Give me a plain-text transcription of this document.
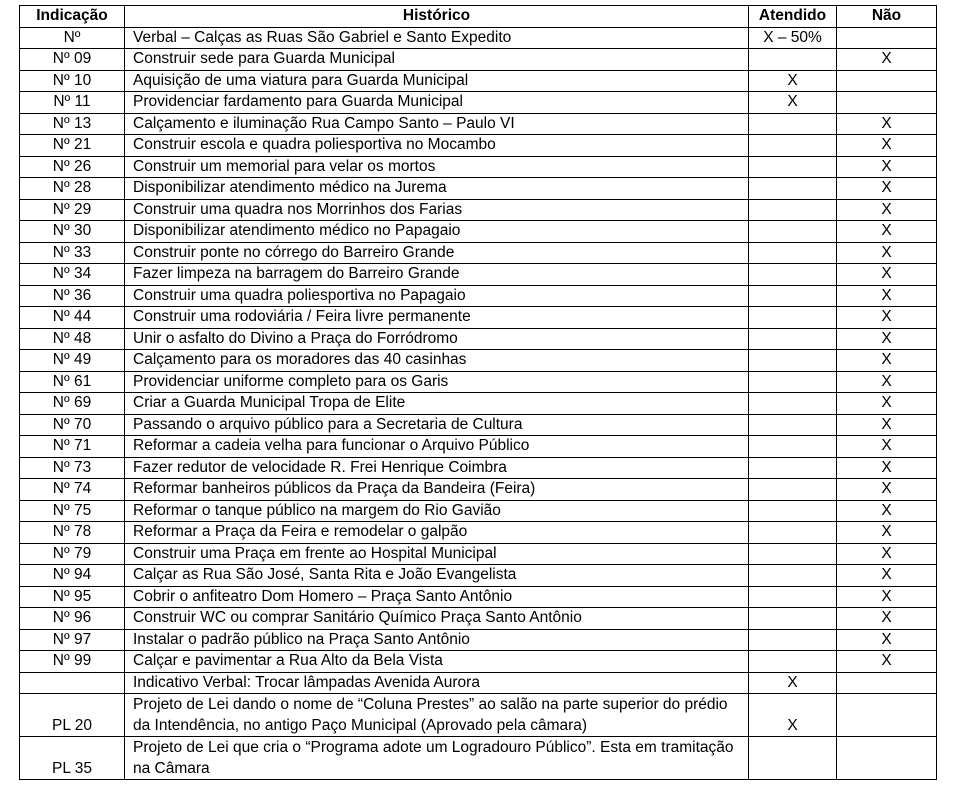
Indicação	Histórico	Atendido	Não
Nº	Verbal – Calças as Ruas São Gabriel e Santo Expedito	X – 50%	
Nº 09	Construir sede para Guarda Municipal		X
Nº 10	Aquisição de uma viatura para Guarda Municipal	X	
Nº 11	Providenciar fardamento para Guarda Municipal	X	
Nº 13	Calçamento e iluminação Rua Campo Santo – Paulo VI		X
Nº 21	Construir escola e quadra poliesportiva no Mocambo		X
Nº 26	Construir um memorial para velar os mortos		X
Nº 28	Disponibilizar atendimento médico na Jurema		X
Nº 29	Construir uma quadra nos Morrinhos dos Farias		X
Nº 30	Disponibilizar atendimento médico no Papagaio		X
Nº 33	Construir ponte no córrego do Barreiro Grande		X
Nº 34	Fazer limpeza na barragem do Barreiro Grande		X
Nº 36	Construir uma quadra poliesportiva no Papagaio		X
Nº 44	Construir uma rodoviária / Feira livre permanente		X
Nº 48	Unir o asfalto do Divino a Praça do Forródromo		X
Nº 49	Calçamento para os moradores das 40 casinhas		X
Nº 61	Providenciar uniforme completo para os Garis		X
Nº 69	Criar a Guarda Municipal Tropa de Elite		X
Nº 70	Passando o arquivo público para a Secretaria de Cultura		X
Nº 71	Reformar a cadeia velha para funcionar o Arquivo Público		X
Nº 73	Fazer redutor de velocidade R. Frei Henrique Coimbra		X
Nº 74	Reformar banheiros públicos da Praça da Bandeira (Feira)		X
Nº 75	Reformar o tanque público na margem do Rio Gavião		X
Nº 78	Reformar a Praça da Feira e remodelar o galpão		X
Nº 79	Construir uma Praça em frente ao Hospital Municipal		X
Nº 94	Calçar as Rua São José, Santa Rita e João Evangelista		X
Nº 95	Cobrir o anfiteatro Dom Homero – Praça Santo Antônio		X
Nº 96	Construir WC ou comprar Sanitário Químico Praça Santo Antônio		X
Nº 97	Instalar o padrão público na Praça Santo Antônio		X
Nº 99	Calçar e pavimentar a Rua Alto da Bela Vista		X
	Indicativo Verbal: Trocar lâmpadas Avenida Aurora	X	
PL 20	Projeto de Lei dando o nome de “Coluna Prestes” ao salão na parte superior do prédio da Intendência, no antigo Paço Municipal (Aprovado pela câmara)	X	
PL 35	Projeto de Lei que cria o “Programa adote um Logradouro Público”. Esta em tramitação na Câmara		
